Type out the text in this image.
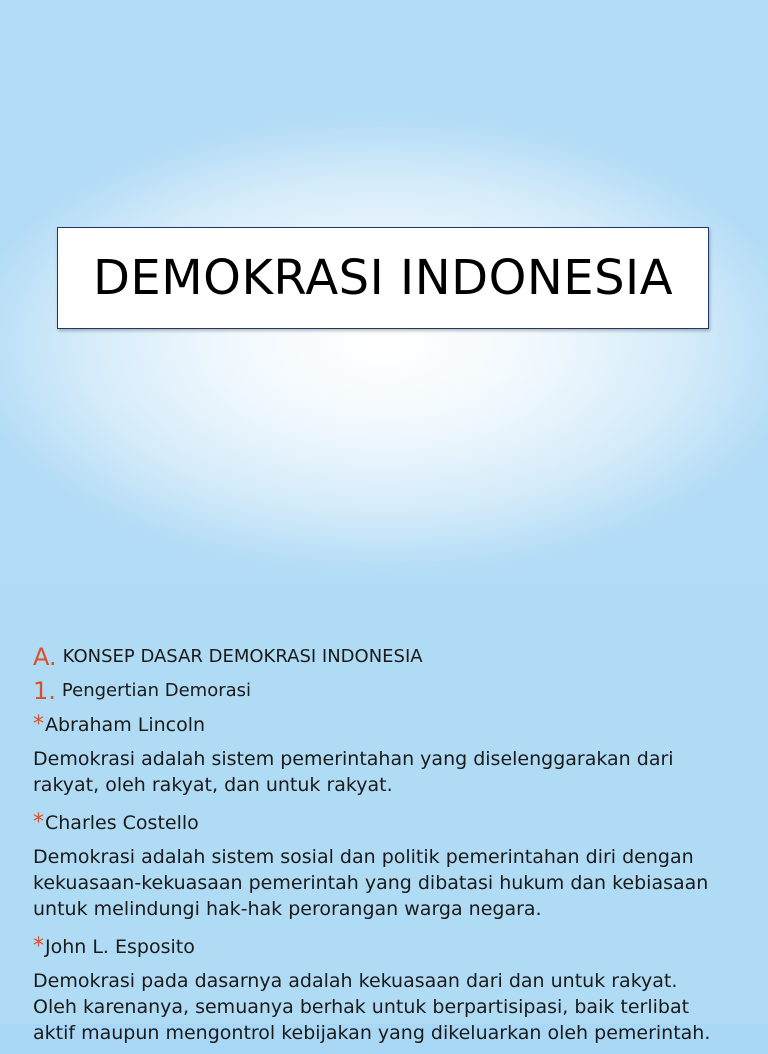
DEMOKRASI INDONESIA
A. KONSEP DASAR DEMOKRASI INDONESIA
1. Pengertian Demorasi
* Abraham Lincoln
Demokrasi adalah sistem pemerintahan yang diselenggarakan dari
rakyat, oleh rakyat, dan untuk rakyat.
* Charles Costello
Demokrasi adalah sistem sosial dan politik pemerintahan diri dengan
kekuasaan-kekuasaan pemerintah yang dibatasi hukum dan kebiasaan
untuk melindungi hak-hak perorangan warga negara.
* John L. Esposito
Demokrasi pada dasarnya adalah kekuasaan dari dan untuk rakyat.
Oleh karenanya, semuanya berhak untuk berpartisipasi, baik terlibat
aktif maupun mengontrol kebijakan yang dikeluarkan oleh pemerintah.
